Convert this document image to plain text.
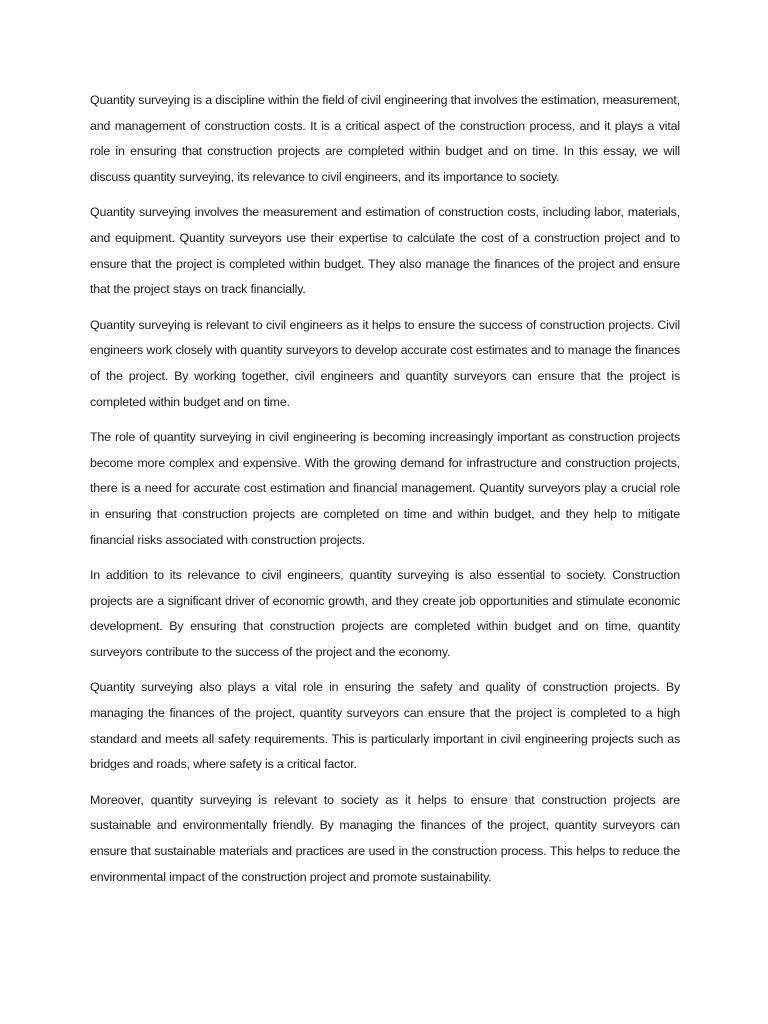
Quantity surveying is a discipline within the field of civil engineering that involves the estimation, measurement, and management of construction costs. It is a critical aspect of the construction process, and it plays a vital role in ensuring that construction projects are completed within budget and on time. In this essay, we will discuss quantity surveying, its relevance to civil engineers, and its importance to society.

Quantity surveying involves the measurement and estimation of construction costs, including labor, materials, and equipment. Quantity surveyors use their expertise to calculate the cost of a construction project and to ensure that the project is completed within budget. They also manage the finances of the project and ensure that the project stays on track financially.

Quantity surveying is relevant to civil engineers as it helps to ensure the success of construction projects. Civil engineers work closely with quantity surveyors to develop accurate cost estimates and to manage the finances of the project. By working together, civil engineers and quantity surveyors can ensure that the project is completed within budget and on time.

The role of quantity surveying in civil engineering is becoming increasingly important as construction projects become more complex and expensive. With the growing demand for infrastructure and construction projects, there is a need for accurate cost estimation and financial management. Quantity surveyors play a crucial role in ensuring that construction projects are completed on time and within budget, and they help to mitigate financial risks associated with construction projects.

In addition to its relevance to civil engineers, quantity surveying is also essential to society. Construction projects are a significant driver of economic growth, and they create job opportunities and stimulate economic development. By ensuring that construction projects are completed within budget and on time, quantity surveyors contribute to the success of the project and the economy.

Quantity surveying also plays a vital role in ensuring the safety and quality of construction projects. By managing the finances of the project, quantity surveyors can ensure that the project is completed to a high standard and meets all safety requirements. This is particularly important in civil engineering projects such as bridges and roads, where safety is a critical factor.

Moreover, quantity surveying is relevant to society as it helps to ensure that construction projects are sustainable and environmentally friendly. By managing the finances of the project, quantity surveyors can ensure that sustainable materials and practices are used in the construction process. This helps to reduce the environmental impact of the construction project and promote sustainability.
